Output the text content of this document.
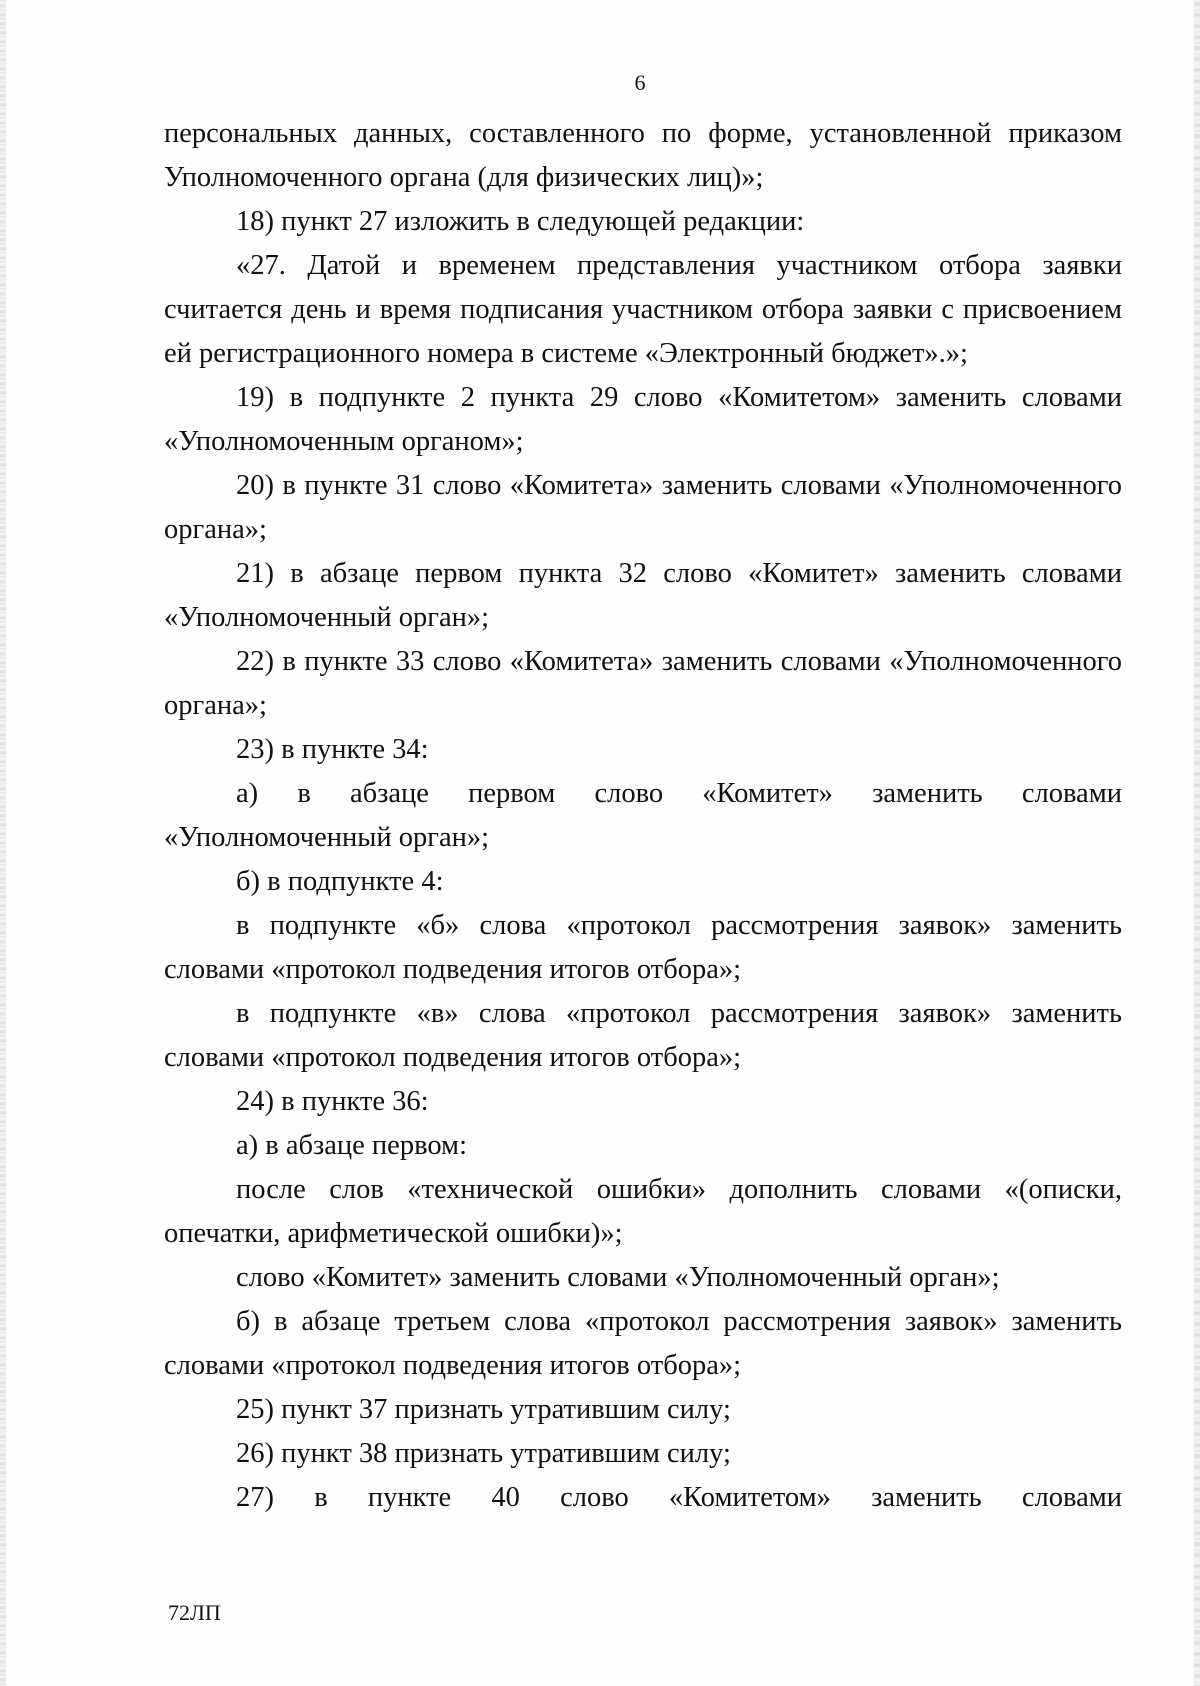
6

персональных данных, составленного по форме, установленной приказом Уполномоченного органа (для физических лиц)»;

18) пункт 27 изложить в следующей редакции:

«27. Датой и временем представления участником отбора заявки считается день и время подписания участником отбора заявки с присвоением ей регистрационного номера в системе «Электронный бюджет».»;

19) в подпункте 2 пункта 29 слово «Комитетом» заменить словами «Уполномоченным органом»;

20) в пункте 31 слово «Комитета» заменить словами «Уполномоченного органа»;

21) в абзаце первом пункта 32 слово «Комитет» заменить словами «Уполномоченный орган»;

22) в пункте 33 слово «Комитета» заменить словами «Уполномоченного органа»;

23) в пункте 34:

а) в абзаце первом слово «Комитет» заменить словами «Уполномоченный орган»;

б) в подпункте 4:

в подпункте «б» слова «протокол рассмотрения заявок» заменить словами «протокол подведения итогов отбора»;

в подпункте «в» слова «протокол рассмотрения заявок» заменить словами «протокол подведения итогов отбора»;

24) в пункте 36:

а) в абзаце первом:

после слов «технической ошибки» дополнить словами «(описки, опечатки, арифметической ошибки)»;

слово «Комитет» заменить словами «Уполномоченный орган»;

б) в абзаце третьем слова «протокол рассмотрения заявок» заменить словами «протокол подведения итогов отбора»;

25) пункт 37 признать утратившим силу;

26) пункт 38 признать утратившим силу;

27) в пункте 40 слово «Комитетом» заменить словами

72ЛП
